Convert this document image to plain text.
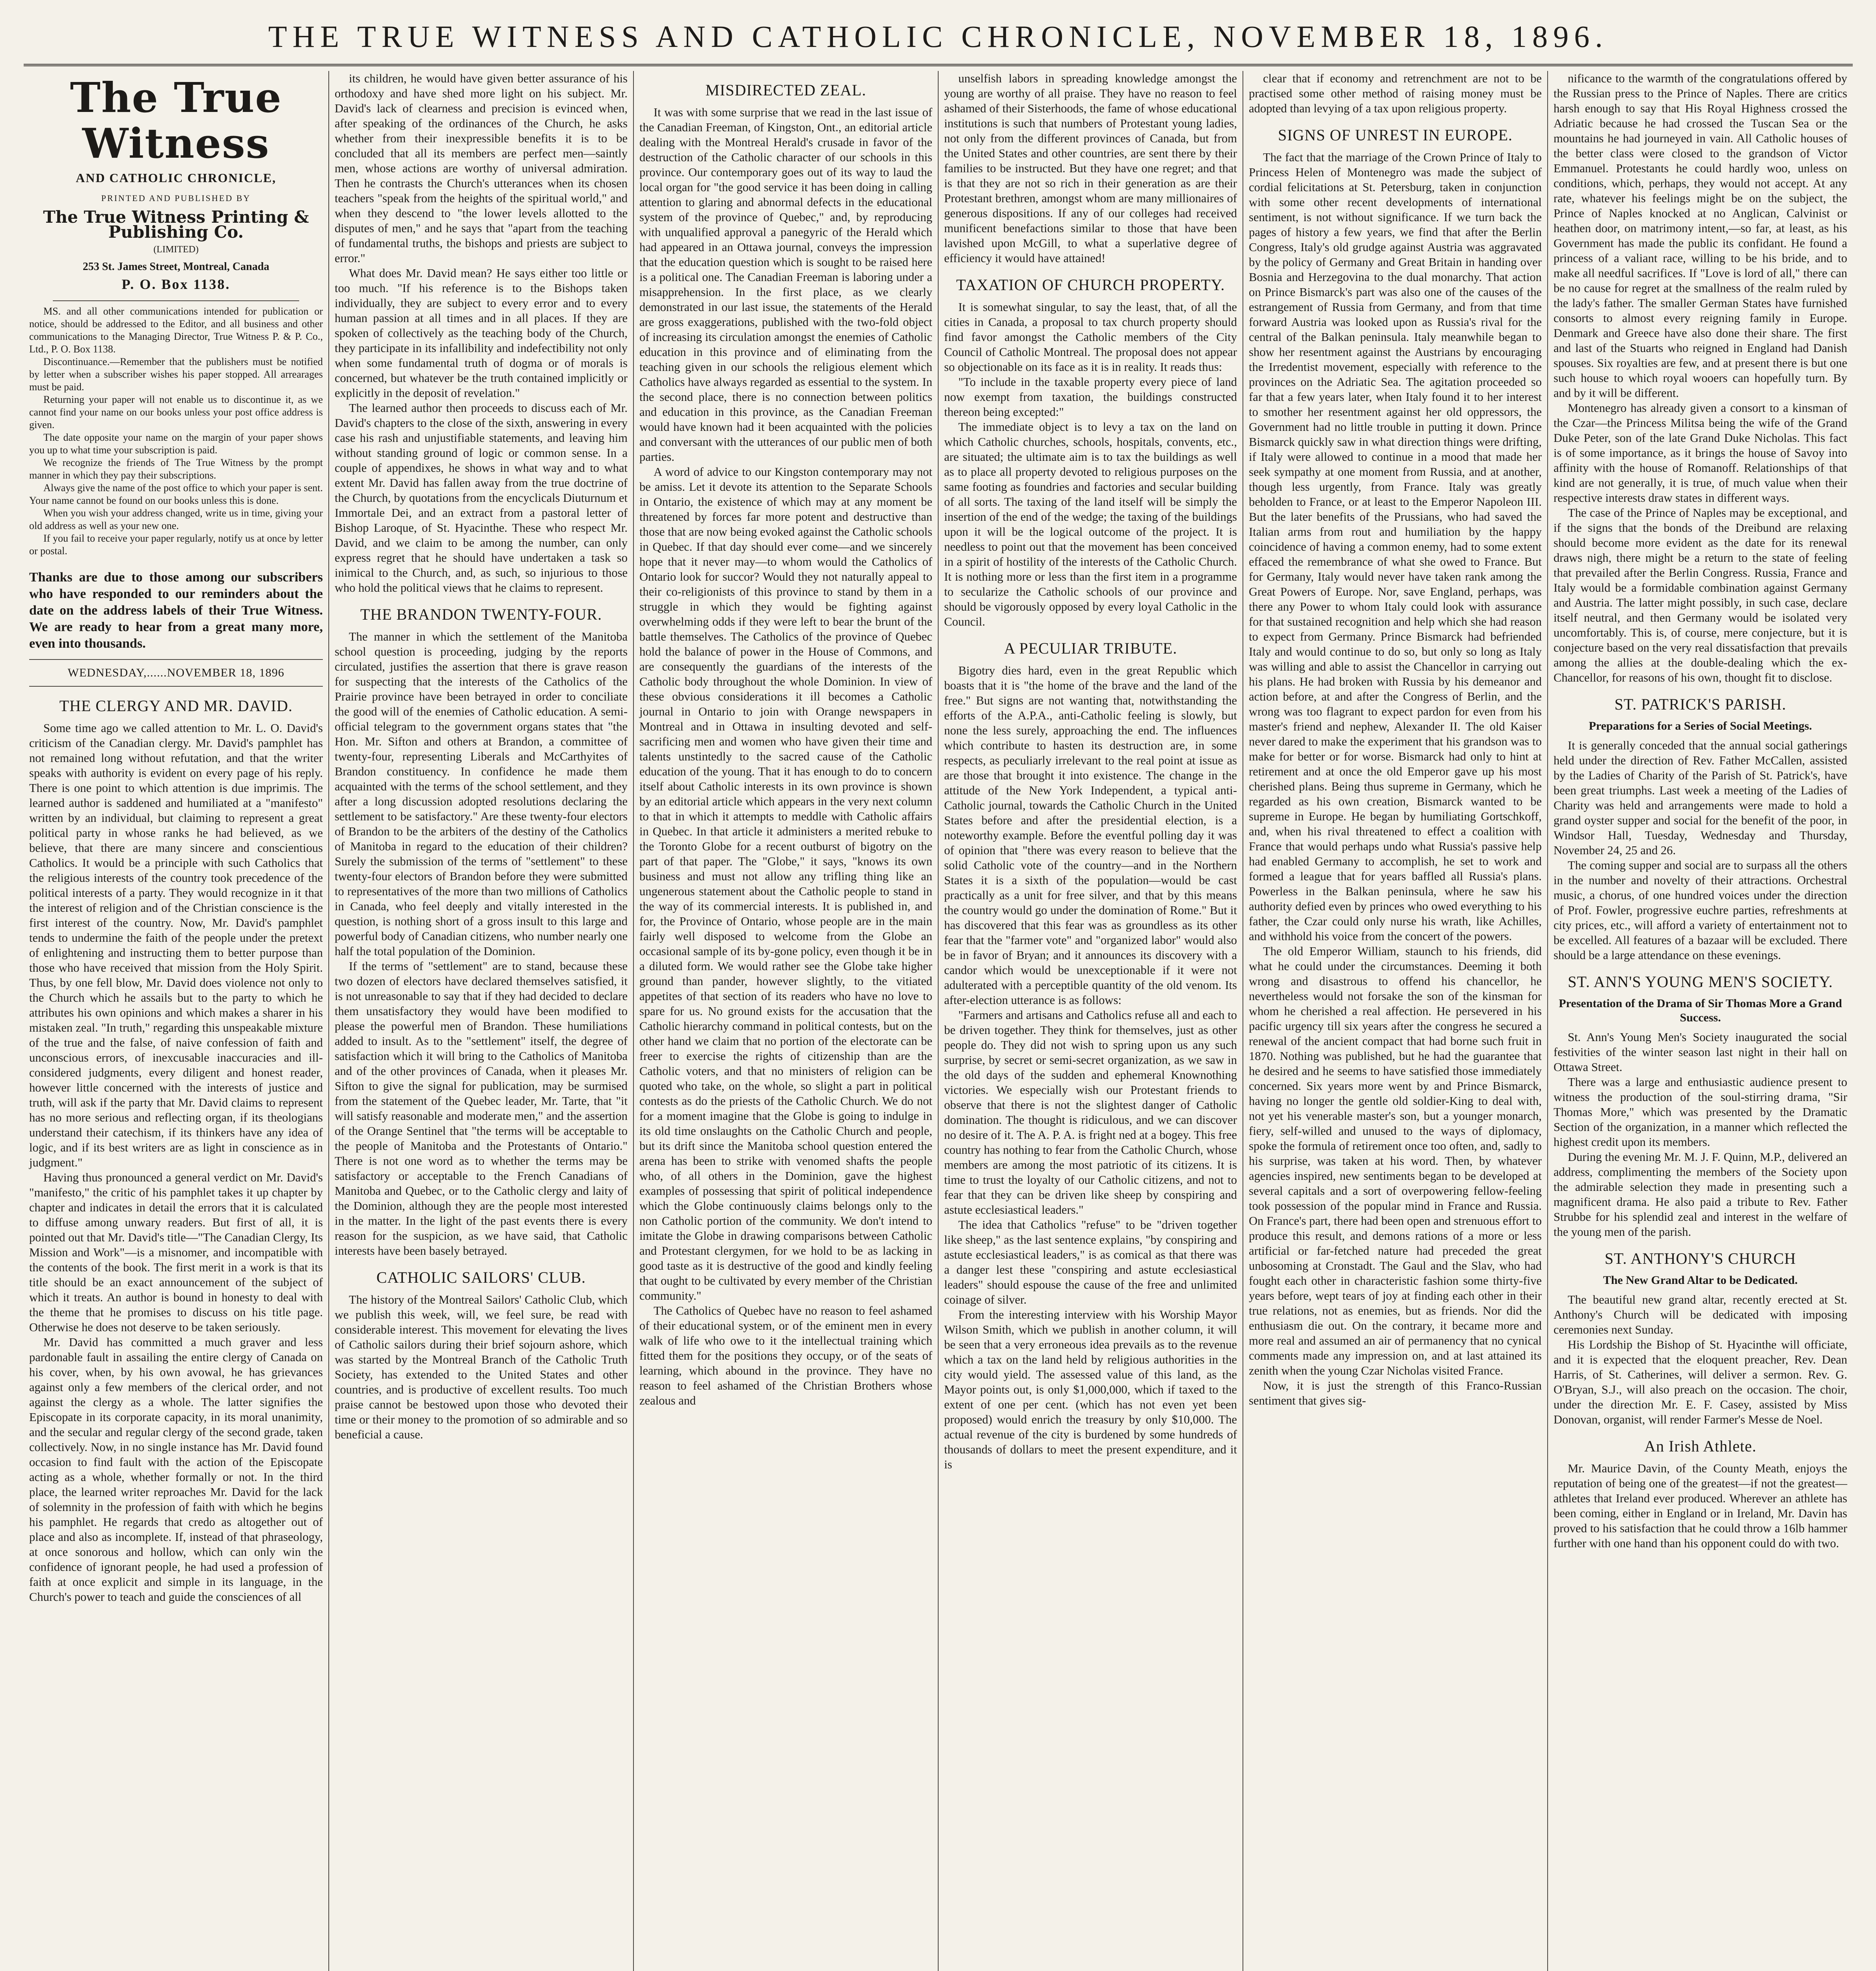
THE TRUE WITNESS AND CATHOLIC CHRONICLE, NOVEMBER 18, 1896.
The True Witness
AND CATHOLIC CHRONICLE,
PRINTED AND PUBLISHED BY
The True Witness Printing & Publishing Co.
(LIMITED)
253 St. James Street, Montreal, Canada
P. O. Box 1138.

MS. and all other communications intended for publication or notice, should be addressed to the Editor, and all business and other communications to the Managing Director, True Witness P. & P. Co., Ltd., P. O. Box 1138.

Discontinuance.—Remember that the publishers must be notified by letter when a subscriber wishes his paper stopped. All arrearages must be paid.

Returning your paper will not enable us to discontinue it, as we cannot find your name on our books unless your post office address is given.

The date opposite your name on the margin of your paper shows you up to what time your subscription is paid.

We recognize the friends of The True Witness by the prompt manner in which they pay their subscriptions.

Always give the name of the post office to which your paper is sent. Your name cannot be found on our books unless this is done.

When you wish your address changed, write us in time, giving your old address as well as your new one.

If you fail to receive your paper regularly, notify us at once by letter or postal.

Thanks are due to those among our subscribers who have responded to our reminders about the date on the address labels of their True Witness. We are ready to hear from a great many more, even into thousands.
WEDNESDAY,......NOVEMBER 18, 1896
THE CLERGY AND MR. DAVID.

Some time ago we called attention to Mr. L. O. David's criticism of the Canadian clergy. Mr. David's pamphlet has not remained long without refutation, and that the writer speaks with authority is evident on every page of his reply. There is one point to which attention is due imprimis. The learned author is saddened and humiliated at a "manifesto" written by an individual, but claiming to represent a great political party in whose ranks he had believed, as we believe, that there are many sincere and conscientious Catholics. It would be a principle with such Catholics that the religious interests of the country took precedence of the political interests of a party. They would recognize in it that the interest of religion and of the Christian conscience is the first interest of the country. Now, Mr. David's pamphlet tends to undermine the faith of the people under the pretext of enlightening and instructing them to better purpose than those who have received that mission from the Holy Spirit. Thus, by one fell blow, Mr. David does violence not only to the Church which he assails but to the party to which he attributes his own opinions and which makes a sharer in his mistaken zeal. "In truth," regarding this unspeakable mixture of the true and the false, of naive confession of faith and unconscious errors, of inexcusable inaccuracies and ill-considered judgments, every diligent and honest reader, however little concerned with the interests of justice and truth, will ask if the party that Mr. David claims to represent has no more serious and reflecting organ, if its theologians understand their catechism, if its thinkers have any idea of logic, and if its best writers are as light in conscience as in judgment."

Having thus pronounced a general verdict on Mr. David's "manifesto," the critic of his pamphlet takes it up chapter by chapter and indicates in detail the errors that it is calculated to diffuse among unwary readers. But first of all, it is pointed out that Mr. David's title—"The Canadian Clergy, Its Mission and Work"—is a misnomer, and incompatible with the contents of the book. The first merit in a work is that its title should be an exact announcement of the subject of which it treats. An author is bound in honesty to deal with the theme that he promises to discuss on his title page. Otherwise he does not deserve to be taken seriously.

Mr. David has committed a much graver and less pardonable fault in assailing the entire clergy of Canada on his cover, when, by his own avowal, he has grievances against only a few members of the clerical order, and not against the clergy as a whole. The latter signifies the Episcopate in its corporate capacity, in its moral unanimity, and the secular and regular clergy of the second grade, taken collectively. Now, in no single instance has Mr. David found occasion to find fault with the action of the Episcopate acting as a whole, whether formally or not. In the third place, the learned writer reproaches Mr. David for the lack of solemnity in the profession of faith with which he begins his pamphlet. He regards that credo as altogether out of place and also as incomplete. If, instead of that phraseology, at once sonorous and hollow, which can only win the confidence of ignorant people, he had used a profession of faith at once explicit and simple in its language, in the Church's power to teach and guide the consciences of all

its children, he would have given better assurance of his orthodoxy and have shed more light on his subject. Mr. David's lack of clearness and precision is evinced when, after speaking of the ordinances of the Church, he asks whether from their inexpressible benefits it is to be concluded that all its members are perfect men—saintly men, whose actions are worthy of universal admiration. Then he contrasts the Church's utterances when its chosen teachers "speak from the heights of the spiritual world," and when they descend to "the lower levels allotted to the disputes of men," and he says that "apart from the teaching of fundamental truths, the bishops and priests are subject to error."

What does Mr. David mean? He says either too little or too much. "If his reference is to the Bishops taken individually, they are subject to every error and to every human passion at all times and in all places. If they are spoken of collectively as the teaching body of the Church, they participate in its infallibility and indefectibility not only when some fundamental truth of dogma or of morals is concerned, but whatever be the truth contained implicitly or explicitly in the deposit of revelation."

The learned author then proceeds to discuss each of Mr. David's chapters to the close of the sixth, answering in every case his rash and unjustifiable statements, and leaving him without standing ground of logic or common sense. In a couple of appendixes, he shows in what way and to what extent Mr. David has fallen away from the true doctrine of the Church, by quotations from the encyclicals Diuturnum et Immortale Dei, and an extract from a pastoral letter of Bishop Laroque, of St. Hyacinthe. These who respect Mr. David, and we claim to be among the number, can only express regret that he should have undertaken a task so inimical to the Church, and, as such, so injurious to those who hold the political views that he claims to represent.

THE BRANDON TWENTY-FOUR.

The manner in which the settlement of the Manitoba school question is proceeding, judging by the reports circulated, justifies the assertion that there is grave reason for suspecting that the interests of the Catholics of the Prairie province have been betrayed in order to conciliate the good will of the enemies of Catholic education. A semi-official telegram to the government organs states that "the Hon. Mr. Sifton and others at Brandon, a committee of twenty-four, representing Liberals and McCarthyites of Brandon constituency. In confidence he made them acquainted with the terms of the school settlement, and they after a long discussion adopted resolutions declaring the settlement to be satisfactory." Are these twenty-four electors of Brandon to be the arbiters of the destiny of the Catholics of Manitoba in regard to the education of their children? Surely the submission of the terms of "settlement" to these twenty-four electors of Brandon before they were submitted to representatives of the more than two millions of Catholics in Canada, who feel deeply and vitally interested in the question, is nothing short of a gross insult to this large and powerful body of Canadian citizens, who number nearly one half the total population of the Dominion.

If the terms of "settlement" are to stand, because these two dozen of electors have declared themselves satisfied, it is not unreasonable to say that if they had decided to declare them unsatisfactory they would have been modified to please the powerful men of Brandon. These humiliations added to insult. As to the "settlement" itself, the degree of satisfaction which it will bring to the Catholics of Manitoba and of the other provinces of Canada, when it pleases Mr. Sifton to give the signal for publication, may be surmised from the statement of the Quebec leader, Mr. Tarte, that "it will satisfy reasonable and moderate men," and the assertion of the Orange Sentinel that "the terms will be acceptable to the people of Manitoba and the Protestants of Ontario." There is not one word as to whether the terms may be satisfactory or acceptable to the French Canadians of Manitoba and Quebec, or to the Catholic clergy and laity of the Dominion, although they are the people most interested in the matter. In the light of the past events there is every reason for the suspicion, as we have said, that Catholic interests have been basely betrayed.

CATHOLIC SAILORS' CLUB.

The history of the Montreal Sailors' Catholic Club, which we publish this week, will, we feel sure, be read with considerable interest. This movement for elevating the lives of Catholic sailors during their brief sojourn ashore, which was started by the Montreal Branch of the Catholic Truth Society, has extended to the United States and other countries, and is productive of excellent results. Too much praise cannot be bestowed upon those who devoted their time or their money to the promotion of so admirable and so beneficial a cause.

MISDIRECTED ZEAL.

It was with some surprise that we read in the last issue of the Canadian Freeman, of Kingston, Ont., an editorial article dealing with the Montreal Herald's crusade in favor of the destruction of the Catholic character of our schools in this province. Our contemporary goes out of its way to laud the local organ for "the good service it has been doing in calling attention to glaring and abnormal defects in the educational system of the province of Quebec," and, by reproducing with unqualified approval a panegyric of the Herald which had appeared in an Ottawa journal, conveys the impression that the education question which is sought to be raised here is a political one. The Canadian Freeman is laboring under a misapprehension. In the first place, as we clearly demonstrated in our last issue, the statements of the Herald are gross exaggerations, published with the two-fold object of increasing its circulation amongst the enemies of Catholic education in this province and of eliminating from the teaching given in our schools the religious element which Catholics have always regarded as essential to the system. In the second place, there is no connection between politics and education in this province, as the Canadian Freeman would have known had it been acquainted with the policies and conversant with the utterances of our public men of both parties.

A word of advice to our Kingston contemporary may not be amiss. Let it devote its attention to the Separate Schools in Ontario, the existence of which may at any moment be threatened by forces far more potent and destructive than those that are now being evoked against the Catholic schools in Quebec. If that day should ever come—and we sincerely hope that it never may—to whom would the Catholics of Ontario look for succor? Would they not naturally appeal to their co-religionists of this province to stand by them in a struggle in which they would be fighting against overwhelming odds if they were left to bear the brunt of the battle themselves. The Catholics of the province of Quebec hold the balance of power in the House of Commons, and are consequently the guardians of the interests of the Catholic body throughout the whole Dominion. In view of these obvious considerations it ill becomes a Catholic journal in Ontario to join with Orange newspapers in Montreal and in Ottawa in insulting devoted and self-sacrificing men and women who have given their time and talents unstintedly to the sacred cause of the Catholic education of the young. That it has enough to do to concern itself about Catholic interests in its own province is shown by an editorial article which appears in the very next column to that in which it attempts to meddle with Catholic affairs in Quebec. In that article it administers a merited rebuke to the Toronto Globe for a recent outburst of bigotry on the part of that paper. The "Globe," it says, "knows its own business and must not allow any trifling thing like an ungenerous statement about the Catholic people to stand in the way of its commercial interests. It is published in, and for, the Province of Ontario, whose people are in the main fairly well disposed to welcome from the Globe an occasional sample of its by-gone policy, even though it be in a diluted form. We would rather see the Globe take higher ground than pander, however slightly, to the vitiated appetites of that section of its readers who have no love to spare for us. No ground exists for the accusation that the Catholic hierarchy command in political contests, but on the other hand we claim that no portion of the electorate can be freer to exercise the rights of citizenship than are the Catholic voters, and that no ministers of religion can be quoted who take, on the whole, so slight a part in political contests as do the priests of the Catholic Church. We do not for a moment imagine that the Globe is going to indulge in its old time onslaughts on the Catholic Church and people, but its drift since the Manitoba school question entered the arena has been to strike with venomed shafts the people who, of all others in the Dominion, gave the highest examples of possessing that spirit of political independence which the Globe continuously claims belongs only to the non Catholic portion of the community. We don't intend to imitate the Globe in drawing comparisons between Catholic and Protestant clergymen, for we hold to be as lacking in good taste as it is destructive of the good and kindly feeling that ought to be cultivated by every member of the Christian community."

The Catholics of Quebec have no reason to feel ashamed of their educational system, or of the eminent men in every walk of life who owe to it the intellectual training which fitted them for the positions they occupy, or of the seats of learning, which abound in the province. They have no reason to feel ashamed of the Christian Brothers whose zealous and

unselfish labors in spreading knowledge amongst the young are worthy of all praise. They have no reason to feel ashamed of their Sisterhoods, the fame of whose educational institutions is such that numbers of Protestant young ladies, not only from the different provinces of Canada, but from the United States and other countries, are sent there by their families to be instructed. But they have one regret; and that is that they are not so rich in their generation as are their Protestant brethren, amongst whom are many millionaires of generous dispositions. If any of our colleges had received munificent benefactions similar to those that have been lavished upon McGill, to what a superlative degree of efficiency it would have attained!

TAXATION OF CHURCH PROPERTY.

It is somewhat singular, to say the least, that, of all the cities in Canada, a proposal to tax church property should find favor amongst the Catholic members of the City Council of Catholic Montreal. The proposal does not appear so objectionable on its face as it is in reality. It reads thus:

"To include in the taxable property every piece of land now exempt from taxation, the buildings constructed thereon being excepted:"

The immediate object is to levy a tax on the land on which Catholic churches, schools, hospitals, convents, etc., are situated; the ultimate aim is to tax the buildings as well as to place all property devoted to religious purposes on the same footing as foundries and factories and secular building of all sorts. The taxing of the land itself will be simply the insertion of the end of the wedge; the taxing of the buildings upon it will be the logical outcome of the project. It is needless to point out that the movement has been conceived in a spirit of hostility of the interests of the Catholic Church. It is nothing more or less than the first item in a programme to secularize the Catholic schools of our province and should be vigorously opposed by every loyal Catholic in the Council.

A PECULIAR TRIBUTE.

Bigotry dies hard, even in the great Republic which boasts that it is "the home of the brave and the land of the free." But signs are not wanting that, notwithstanding the efforts of the A.P.A., anti-Catholic feeling is slowly, but none the less surely, approaching the end. The influences which contribute to hasten its destruction are, in some respects, as peculiarly irrelevant to the real point at issue as are those that brought it into existence. The change in the attitude of the New York Independent, a typical anti-Catholic journal, towards the Catholic Church in the United States before and after the presidential election, is a noteworthy example. Before the eventful polling day it was of opinion that "there was every reason to believe that the solid Catholic vote of the country—and in the Northern States it is a sixth of the population—would be cast practically as a unit for free silver, and that by this means the country would go under the domination of Rome." But it has discovered that this fear was as groundless as its other fear that the "farmer vote" and "organized labor" would also be in favor of Bryan; and it announces its discovery with a candor which would be unexceptionable if it were not adulterated with a perceptible quantity of the old venom. Its after-election utterance is as follows:

"Farmers and artisans and Catholics refuse all and each to be driven together. They think for themselves, just as other people do. They did not wish to spring upon us any such surprise, by secret or semi-secret organization, as we saw in the old days of the sudden and ephemeral Knownothing victories. We especially wish our Protestant friends to observe that there is not the slightest danger of Catholic domination. The thought is ridiculous, and we can discover no desire of it. The A. P. A. is fright ned at a bogey. This free country has nothing to fear from the Catholic Church, whose members are among the most patriotic of its citizens. It is time to trust the loyalty of our Catholic citizens, and not to fear that they can be driven like sheep by conspiring and astute ecclesiastical leaders."

The idea that Catholics "refuse" to be "driven together like sheep," as the last sentence explains, "by conspiring and astute ecclesiastical leaders," is as comical as that there was a danger lest these "conspiring and astute ecclesiastical leaders" should espouse the cause of the free and unlimited coinage of silver.

From the interesting interview with his Worship Mayor Wilson Smith, which we publish in another column, it will be seen that a very erroneous idea prevails as to the revenue which a tax on the land held by religious authorities in the city would yield. The assessed value of this land, as the Mayor points out, is only $1,000,000, which if taxed to the extent of one per cent. (which has not even yet been proposed) would enrich the treasury by only $10,000. The actual revenue of the city is burdened by some hundreds of thousands of dollars to meet the present expenditure, and it is

clear that if economy and retrenchment are not to be practised some other method of raising money must be adopted than levying of a tax upon religious property.

SIGNS OF UNREST IN EUROPE.

The fact that the marriage of the Crown Prince of Italy to Princess Helen of Montenegro was made the subject of cordial felicitations at St. Petersburg, taken in conjunction with some other recent developments of international sentiment, is not without significance. If we turn back the pages of history a few years, we find that after the Berlin Congress, Italy's old grudge against Austria was aggravated by the policy of Germany and Great Britain in handing over Bosnia and Herzegovina to the dual monarchy. That action on Prince Bismarck's part was also one of the causes of the estrangement of Russia from Germany, and from that time forward Austria was looked upon as Russia's rival for the central of the Balkan peninsula. Italy meanwhile began to show her resentment against the Austrians by encouraging the Irredentist movement, especially with reference to the provinces on the Adriatic Sea. The agitation proceeded so far that a few years later, when Italy found it to her interest to smother her resentment against her old oppressors, the Government had no little trouble in putting it down. Prince Bismarck quickly saw in what direction things were drifting, if Italy were allowed to continue in a mood that made her seek sympathy at one moment from Russia, and at another, though less urgently, from France. Italy was greatly beholden to France, or at least to the Emperor Napoleon III. But the later benefits of the Prussians, who had saved the Italian arms from rout and humiliation by the happy coincidence of having a common enemy, had to some extent effaced the remembrance of what she owed to France. But for Germany, Italy would never have taken rank among the Great Powers of Europe. Nor, save England, perhaps, was there any Power to whom Italy could look with assurance for that sustained recognition and help which she had reason to expect from Germany. Prince Bismarck had befriended Italy and would continue to do so, but only so long as Italy was willing and able to assist the Chancellor in carrying out his plans. He had broken with Russia by his demeanor and action before, at and after the Congress of Berlin, and the wrong was too flagrant to expect pardon for even from his master's friend and nephew, Alexander II. The old Kaiser never dared to make the experiment that his grandson was to make for better or for worse. Bismarck had only to hint at retirement and at once the old Emperor gave up his most cherished plans. Being thus supreme in Germany, which he regarded as his own creation, Bismarck wanted to be supreme in Europe. He began by humiliating Gortschkoff, and, when his rival threatened to effect a coalition with France that would perhaps undo what Russia's passive help had enabled Germany to accomplish, he set to work and formed a league that for years baffled all Russia's plans. Powerless in the Balkan peninsula, where he saw his authority defied even by princes who owed everything to his father, the Czar could only nurse his wrath, like Achilles, and withhold his voice from the concert of the powers.

The old Emperor William, staunch to his friends, did what he could under the circumstances. Deeming it both wrong and disastrous to offend his chancellor, he nevertheless would not forsake the son of the kinsman for whom he cherished a real affection. He persevered in his pacific urgency till six years after the congress he secured a renewal of the ancient compact that had borne such fruit in 1870. Nothing was published, but he had the guarantee that he desired and he seems to have satisfied those immediately concerned. Six years more went by and Prince Bismarck, having no longer the gentle old soldier-King to deal with, not yet his venerable master's son, but a younger monarch, fiery, self-willed and unused to the ways of diplomacy, spoke the formula of retirement once too often, and, sadly to his surprise, was taken at his word. Then, by whatever agencies inspired, new sentiments began to be developed at several capitals and a sort of overpowering fellow-feeling took possession of the popular mind in France and Russia. On France's part, there had been open and strenuous effort to produce this result, and demons rations of a more or less artificial or far-fetched nature had preceded the great unbosoming at Cronstadt. The Gaul and the Slav, who had fought each other in characteristic fashion some thirty-five years before, wept tears of joy at finding each other in their true relations, not as enemies, but as friends. Nor did the enthusiasm die out. On the contrary, it became more and more real and assumed an air of permanency that no cynical comments made any impression on, and at last attained its zenith when the young Czar Nicholas visited France.

Now, it is just the strength of this Franco-Russian sentiment that gives sig-

nificance to the warmth of the congratulations offered by the Russian press to the Prince of Naples. There are critics harsh enough to say that His Royal Highness crossed the Adriatic because he had crossed the Tuscan Sea or the mountains he had journeyed in vain. All Catholic houses of the better class were closed to the grandson of Victor Emmanuel. Protestants he could hardly woo, unless on conditions, which, perhaps, they would not accept. At any rate, whatever his feelings might be on the subject, the Prince of Naples knocked at no Anglican, Calvinist or heathen door, on matrimony intent,—so far, at least, as his Government has made the public its confidant. He found a princess of a valiant race, willing to be his bride, and to make all needful sacrifices. If "Love is lord of all," there can be no cause for regret at the smallness of the realm ruled by the lady's father. The smaller German States have furnished consorts to almost every reigning family in Europe. Denmark and Greece have also done their share. The first and last of the Stuarts who reigned in England had Danish spouses. Six royalties are few, and at present there is but one such house to which royal wooers can hopefully turn. By and by it will be different.

Montenegro has already given a consort to a kinsman of the Czar—the Princess Militsa being the wife of the Grand Duke Peter, son of the late Grand Duke Nicholas. This fact is of some importance, as it brings the house of Savoy into affinity with the house of Romanoff. Relationships of that kind are not generally, it is true, of much value when their respective interests draw states in different ways.

The case of the Prince of Naples may be exceptional, and if the signs that the bonds of the Dreibund are relaxing should become more evident as the date for its renewal draws nigh, there might be a return to the state of feeling that prevailed after the Berlin Congress. Russia, France and Italy would be a formidable combination against Germany and Austria. The latter might possibly, in such case, declare itself neutral, and then Germany would be isolated very uncomfortably. This is, of course, mere conjecture, but it is conjecture based on the very real dissatisfaction that prevails among the allies at the double-dealing which the ex-Chancellor, for reasons of his own, thought fit to disclose.

ST. PATRICK'S PARISH.
Preparations for a Series of Social Meetings.

It is generally conceded that the annual social gatherings held under the direction of Rev. Father McCallen, assisted by the Ladies of Charity of the Parish of St. Patrick's, have been great triumphs. Last week a meeting of the Ladies of Charity was held and arrangements were made to hold a grand oyster supper and social for the benefit of the poor, in Windsor Hall, Tuesday, Wednesday and Thursday, November 24, 25 and 26.

The coming supper and social are to surpass all the others in the number and novelty of their attractions. Orchestral music, a chorus, of one hundred voices under the direction of Prof. Fowler, progressive euchre parties, refreshments at city prices, etc., will afford a variety of entertainment not to be excelled. All features of a bazaar will be excluded. There should be a large attendance on these evenings.

ST. ANN'S YOUNG MEN'S SOCIETY.
Presentation of the Drama of Sir Thomas More a Grand Success.

St. Ann's Young Men's Society inaugurated the social festivities of the winter season last night in their hall on Ottawa Street.

There was a large and enthusiastic audience present to witness the production of the soul-stirring drama, "Sir Thomas More," which was presented by the Dramatic Section of the organization, in a manner which reflected the highest credit upon its members.

During the evening Mr. M. J. F. Quinn, M.P., delivered an address, complimenting the members of the Society upon the admirable selection they made in presenting such a magnificent drama. He also paid a tribute to Rev. Father Strubbe for his splendid zeal and interest in the welfare of the young men of the parish.

ST. ANTHONY'S CHURCH
The New Grand Altar to be Dedicated.

The beautiful new grand altar, recently erected at St. Anthony's Church will be dedicated with imposing ceremonies next Sunday.

His Lordship the Bishop of St. Hyacinthe will officiate, and it is expected that the eloquent preacher, Rev. Dean Harris, of St. Catherines, will deliver a sermon. Rev. G. O'Bryan, S.J., will also preach on the occasion. The choir, under the direction Mr. E. F. Casey, assisted by Miss Donovan, organist, will render Farmer's Messe de Noel.

An Irish Athlete.

Mr. Maurice Davin, of the County Meath, enjoys the reputation of being one of the greatest—if not the greatest—athletes that Ireland ever produced. Wherever an athlete has been coming, either in England or in Ireland, Mr. Davin has proved to his satisfaction that he could throw a 16lb hammer further with one hand than his opponent could do with two.
